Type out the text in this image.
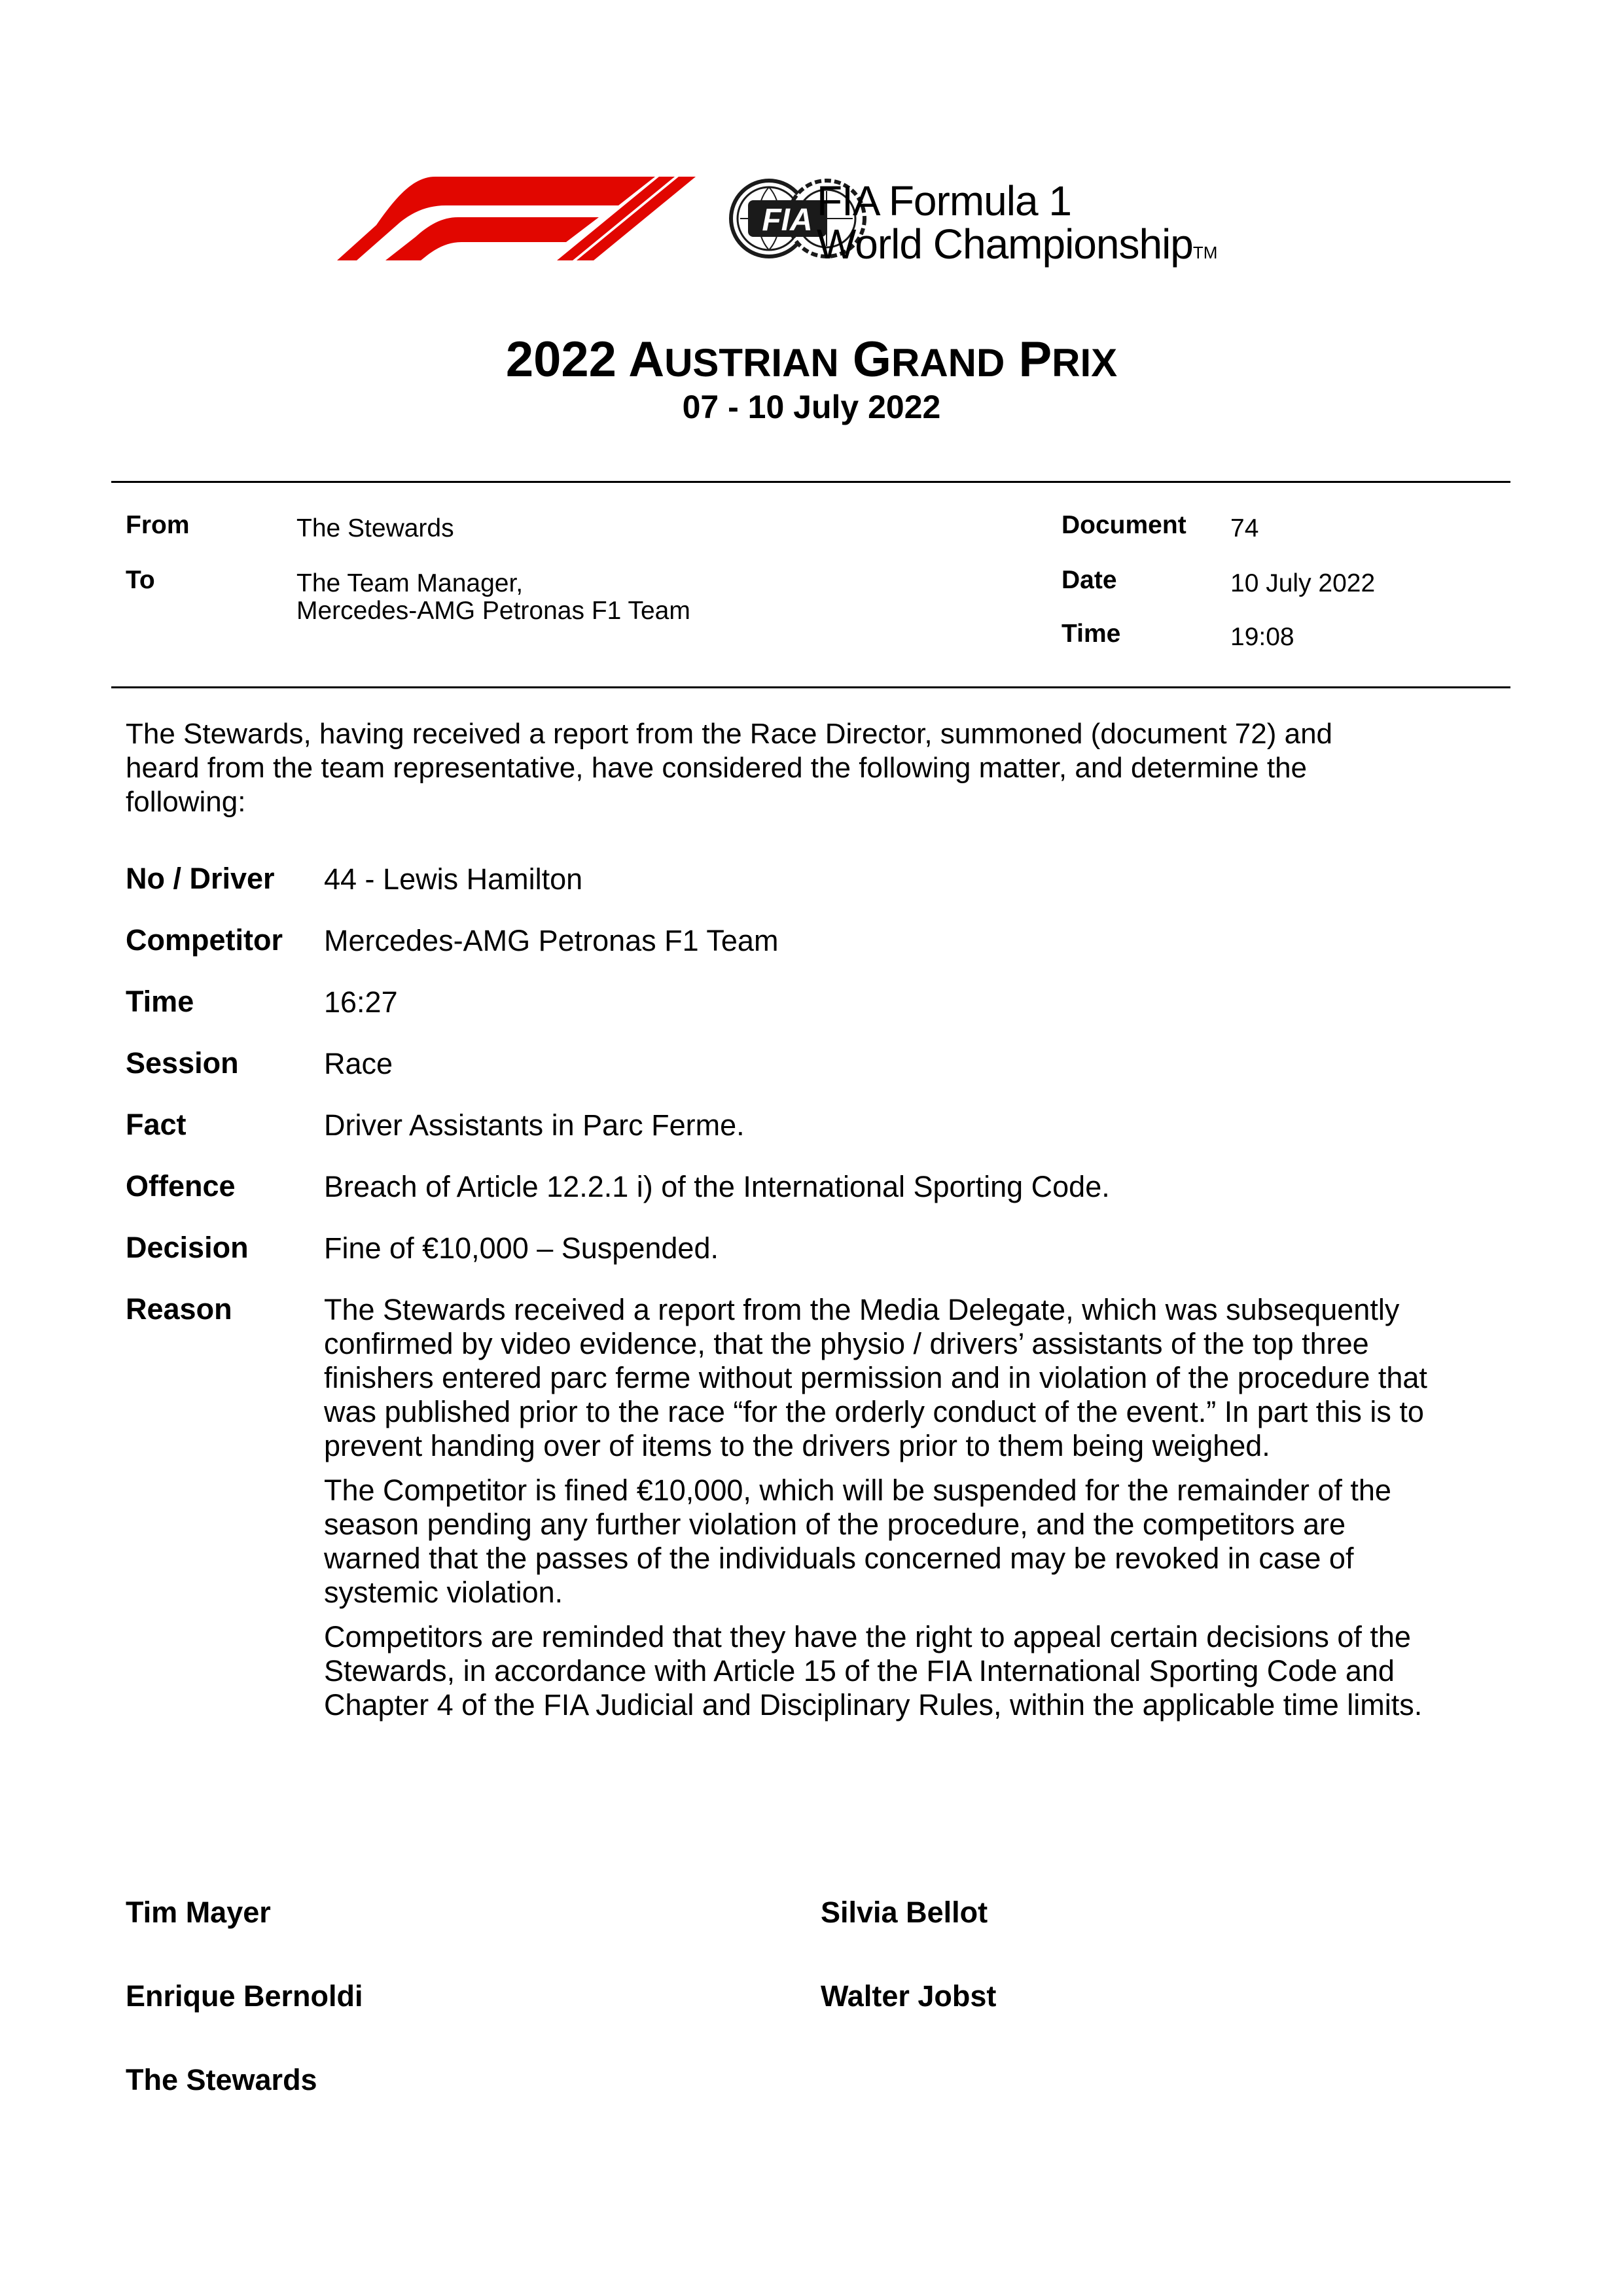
FIA FIA Formula 1
World ChampionshipTM
2022 AUSTRIAN GRAND PRIX
07 - 10 July 2022
From	The Stewards
To	The Team Manager,
Mercedes-AMG Petronas F1 Team
Document 74
Date	10 July 2022
Time	19:08
The Stewards, having received a report from the Race Director, summoned (document 72) and
heard from the team representative, have considered the following matter, and determine the
following:
No / Driver 44 - Lewis Hamilton
Competitor Mercedes-AMG Petronas F1 Team
Time	16:27
Session	Race
Fact	Driver Assistants in Parc Ferme.
Offence	Breach of Article 12.2.1 i) of the International Sporting Code.
Decision	Fine of €10,000 – Suspended.
Reason	The Stewards received a report from the Media Delegate, which was subsequently
confirmed by video evidence, that the physio / drivers’ assistants of the top three
finishers entered parc ferme without permission and in violation of the procedure that
was published prior to the race “for the orderly conduct of the event.” In part this is to
prevent handing over of items to the drivers prior to them being weighed.
The Competitor is fined €10,000, which will be suspended for the remainder of the
season pending any further violation of the procedure, and the competitors are
warned that the passes of the individuals concerned may be revoked in case of
systemic violation.
Competitors are reminded that they have the right to appeal certain decisions of the
Stewards, in accordance with Article 15 of the FIA International Sporting Code and
Chapter 4 of the FIA Judicial and Disciplinary Rules, within the applicable time limits.
Tim Mayer	Silvia Bellot
Enrique Bernoldi	Walter Jobst
The Stewards
